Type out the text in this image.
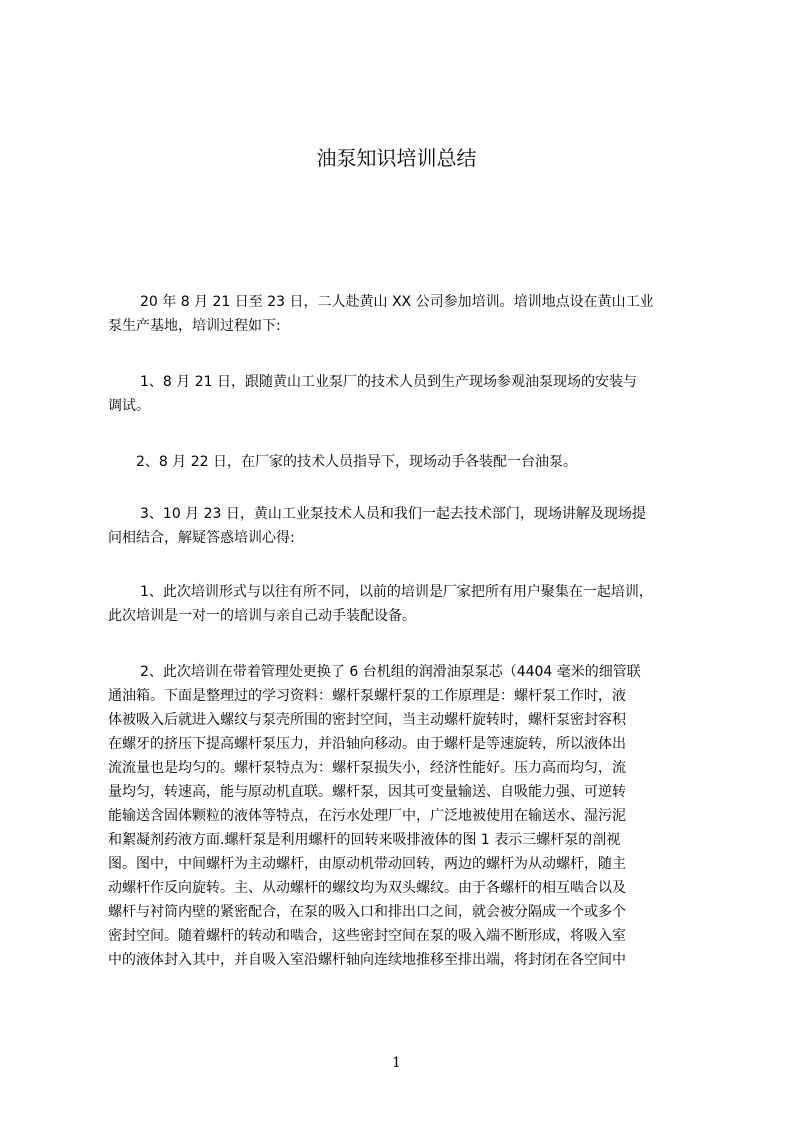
油泵知识培训总结
20 年 8 月 21 日至 23 日，二人赴黄山 XX 公司参加培训。培训地点设在黄山工业
泵生产基地，培训过程如下:
1、8 月 21 日，跟随黄山工业泵厂的技术人员到生产现场参观油泵现场的安装与
调试。
2、8 月 22 日，在厂家的技术人员指导下，现场动手各装配一台油泵。
3、10 月 23 日，黄山工业泵技术人员和我们一起去技术部门，现场讲解及现场提
问相结合，解疑答惑培训心得:
1、此次培训形式与以往有所不同，以前的培训是厂家把所有用户聚集在一起培训，
此次培训是一对一的培训与亲自己动手装配设备。
2、此次培训在带着管理处更换了 6 台机组的润滑油泵泵芯（4404 毫米的细管联
通油箱。下面是整理过的学习资料：螺杆泵螺杆泵的工作原理是：螺杆泵工作时，液
体被吸入后就进入螺纹与泵壳所围的密封空间，当主动螺杆旋转时，螺杆泵密封容积
在螺牙的挤压下提高螺杆泵压力，并沿轴向移动。由于螺杆是等速旋转，所以液体出
流流量也是均匀的。螺杆泵特点为：螺杆泵损失小，经济性能好。压力高而均匀，流
量均匀，转速高，能与原动机直联。螺杆泵，因其可变量输送、自吸能力强、可逆转
能输送含固体颗粒的液体等特点，在污水处理厂中，广泛地被使用在输送水、湿污泥
和絮凝剂药液方面.螺杆泵是利用螺杆的回转来吸排液体的图 1 表示三螺杆泵的剖视
图。图中，中间螺杆为主动螺杆，由原动机带动回转，两边的螺杆为从动螺杆，随主
动螺杆作反向旋转。主、从动螺杆的螺纹均为双头螺纹。由于各螺杆的相互啮合以及
螺杆与衬筒内壁的紧密配合，在泵的吸入口和排出口之间，就会被分隔成一个或多个
密封空间。随着螺杆的转动和啮合，这些密封空间在泵的吸入端不断形成，将吸入室
中的液体封入其中，并自吸入室沿螺杆轴向连续地推移至排出端，将封闭在各空间中
1
